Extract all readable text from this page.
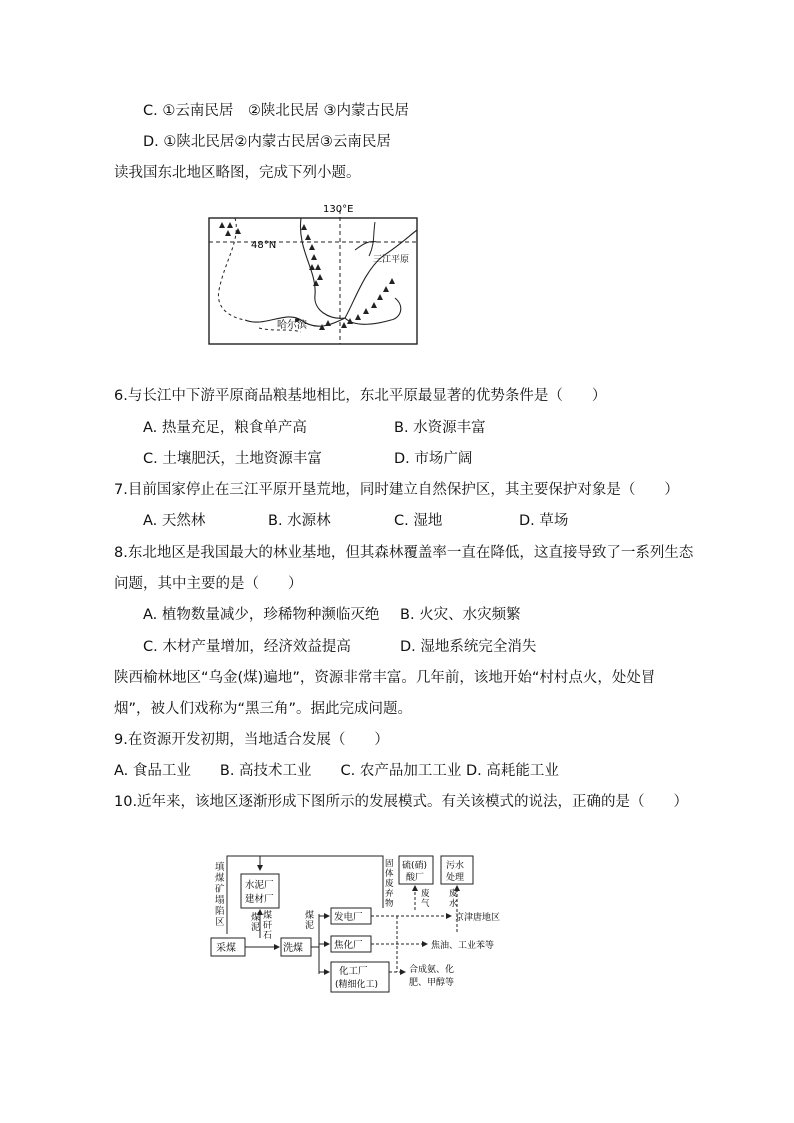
C. ①云南民居　②陕北民居 ③内蒙古民居
D. ①陕北民居②内蒙古民居③云南民居
读我国东北地区略图，完成下列小题。
130°E
48°N
三江平原
哈尔滨
6.与长江中下游平原商品粮基地相比，东北平原最显著的优势条件是（　　）
A. 热量充足，粮食单产高	B. 水资源丰富
C. 土壤肥沃，土地资源丰富	D. 市场广阔
7.目前国家停止在三江平原开垦荒地，同时建立自然保护区，其主要保护对象是（　　）
A. 天然林	B. 水源林	C. 湿地	D. 草场
8.东北地区是我国最大的林业基地，但其森林覆盖率一直在降低，这直接导致了一系列生态
问题，其中主要的是（　　）
A. 植物数量减少，珍稀物种濒临灭绝 B. 火灾、水灾频繁
C. 木材产量增加，经济效益提高	D. 湿地系统完全消失
陕西榆林地区“乌金(煤)遍地”，资源非常丰富。几年前，该地开始“村村点火，处处冒
烟”，被人们戏称为“黑三角”。据此完成问题。
9.在资源开发初期，当地适合发展（　　）
A. 食品工业　　B. 高技术工业　　C. 农产品加工工业 D. 高耗能工业
10.近年来，该地区逐渐形成下图所示的发展模式。有关该模式的说法，正确的是（　　）
填煤矿塌陷区
水泥厂
建材厂
采煤	洗煤
煤矸石
煤泥
煤泥
发电厂
焦化厂
化工厂
(精细化工)
固体废弃物
硫(硝)
酸厂
污水
处理
废气
废水
京津唐地区
焦油、工业苯等
合成氨、化
肥、甲醇等
